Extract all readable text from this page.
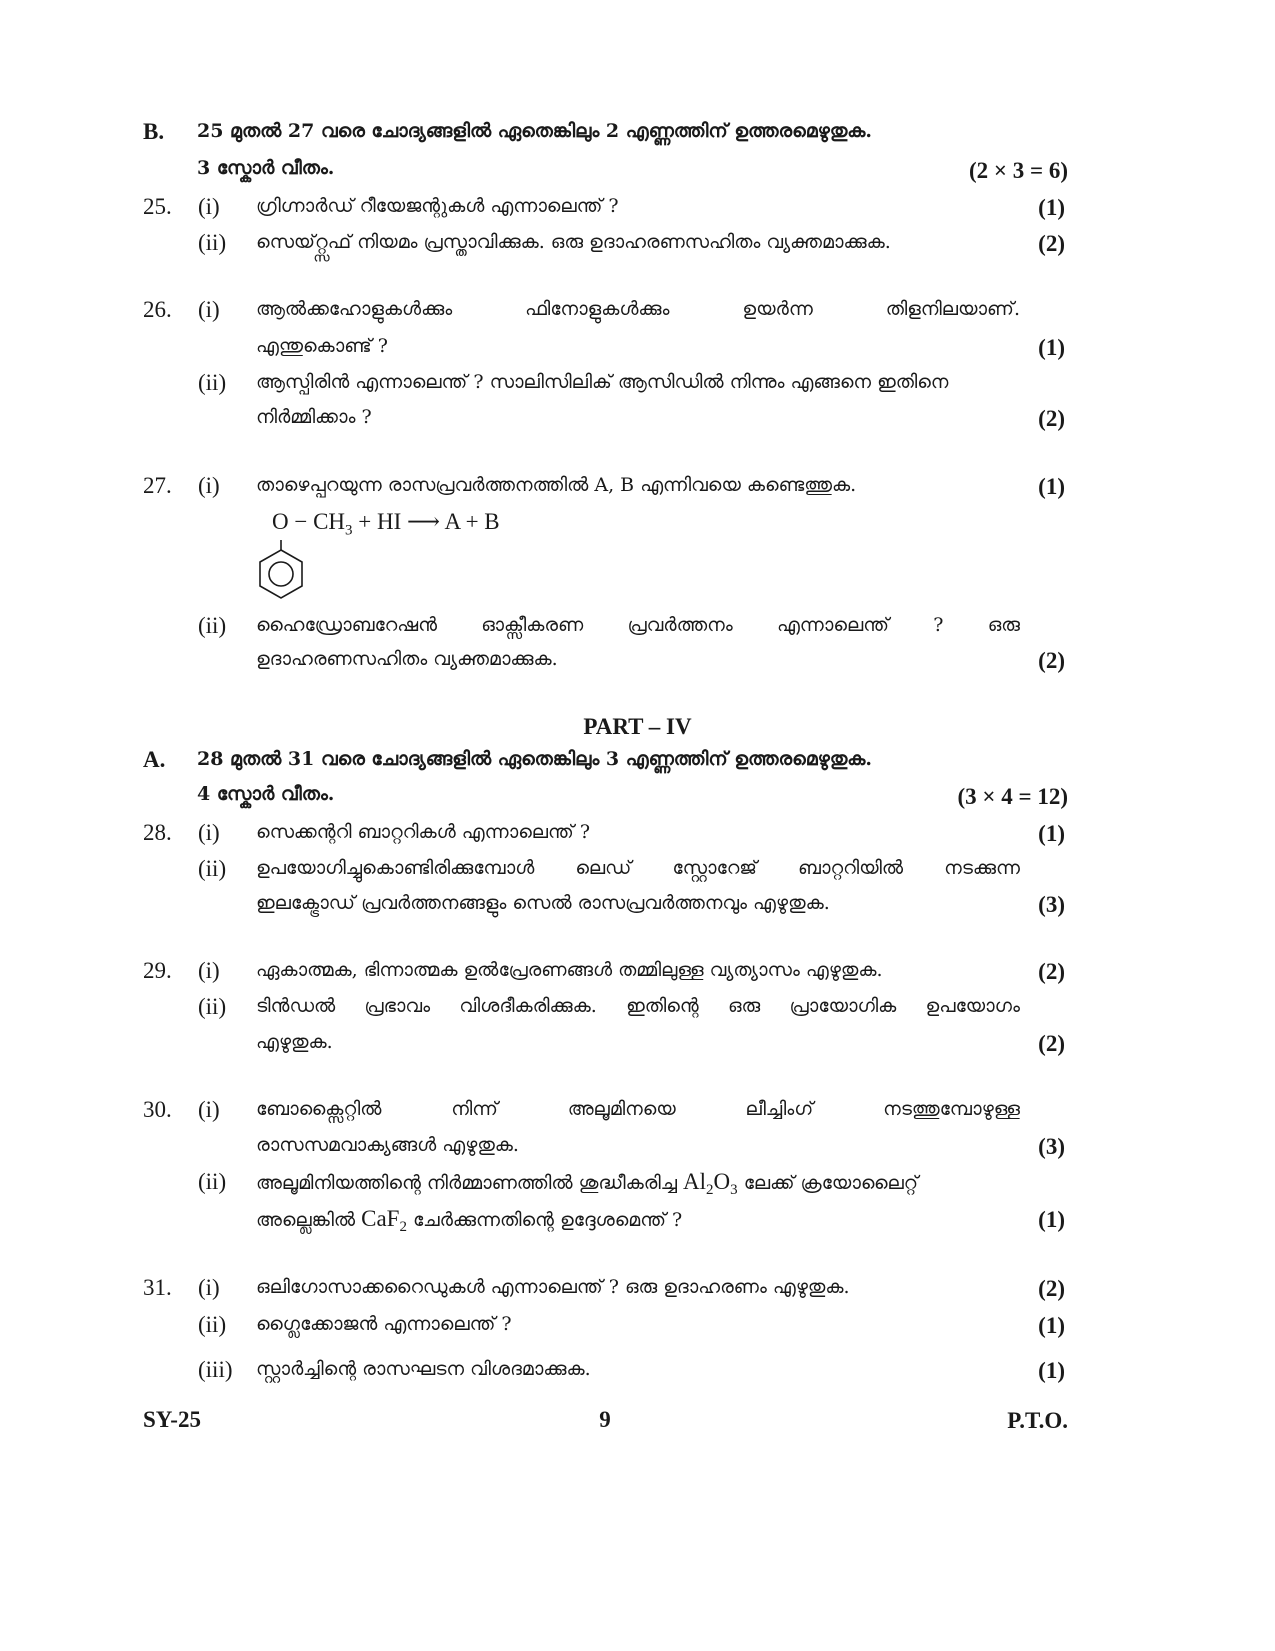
B. 25 മുതൽ 27 വരെ ചോദ്യങ്ങളിൽ ഏതെങ്കിലും 2 എണ്ണത്തിന് ഉത്തരമെഴുതുക.
3 സ്കോർ വീതം.	(2 × 3 = 6)
25. (i) ഗ്രിഗ്നാർഡ് റീയേജന്റുകൾ എന്നാലെന്ത് ?	(1)
(ii) സെയ്റ്റ്സഫ് നിയമം പ്രസ്താവിക്കുക. ഒരു ഉദാഹരണസഹിതം വ്യക്തമാക്കുക.	(2)
26. (i) ആൽക്കഹോളുകൾക്കും	ഫിനോളുകൾക്കും	ഉയർന്ന	തിളനിലയാണ്.
എന്തുകൊണ്ട് ?	(1)
(ii) ആസ്പിരിൻ എന്നാലെന്ത് ? സാലിസിലിക് ആസിഡിൽ നിന്നും എങ്ങനെ ഇതിനെ
നിർമ്മിക്കാം ?	(2)
27. (i) താഴെപ്പറയുന്ന രാസപ്രവർത്തനത്തിൽ A, B എന്നിവയെ കണ്ടെത്തുക.	(1)
$O - CH_3$ + HI ⟶ A + B
(ii) ഹൈഡ്രോബറേഷൻ ഓക്സീകരണ പ്രവർത്തനം എന്നാലെന്ത് ? ഒരു
ഉദാഹരണസഹിതം വ്യക്തമാക്കുക.	(2)
PART – IV
A. 28 മുതൽ 31 വരെ ചോദ്യങ്ങളിൽ ഏതെങ്കിലും 3 എണ്ണത്തിന് ഉത്തരമെഴുതുക.
4 സ്കോർ വീതം.	(3 × 4 = 12)
28. (i) സെക്കന്ററി ബാറ്ററികൾ എന്നാലെന്ത് ?	(1)
(ii) ഉപയോഗിച്ചുകൊണ്ടിരിക്കുമ്പോൾ ലെഡ് സ്റ്റോറേജ് ബാറ്ററിയിൽ നടക്കുന്ന
ഇലക്ട്രോഡ് പ്രവർത്തനങ്ങളും സെൽ രാസപ്രവർത്തനവും എഴുതുക.	(3)
29. (i) ഏകാത്മക, ഭിന്നാത്മക ഉൽപ്രേരണങ്ങൾ തമ്മിലുള്ള വ്യത്യാസം എഴുതുക.	(2)
(ii) ടിൻഡൽ പ്രഭാവം വിശദീകരിക്കുക. ഇതിന്റെ ഒരു പ്രായോഗിക ഉപയോഗം
എഴുതുക.	(2)
30. (i) ബോക്സൈറ്റിൽ	നിന്ന്	അലൂമിനയെ	ലീച്ചിംഗ്	നടത്തുമ്പോഴുള്ള
രാസസമവാക്യങ്ങൾ എഴുതുക.	(3)
(ii) അലൂമിനിയത്തിന്റെ നിർമ്മാണത്തിൽ ശുദ്ധീകരിച്ച $Al_2O_3$ ലേക്ക് ക്രയോലൈറ്റ്
അല്ലെങ്കിൽ CaF$_2$ ചേർക്കുന്നതിന്റെ ഉദ്ദേശമെന്ത് ?	(1)
31. (i) ഒലിഗോസാക്കറൈഡുകൾ എന്നാലെന്ത് ? ഒരു ഉദാഹരണം എഴുതുക.	(2)
(ii) ഗ്ലൈക്കോജൻ എന്നാലെന്ത് ?	(1)
(iii) സ്റ്റാർച്ചിന്റെ രാസഘടന വിശദമാക്കുക.	(1)
SY-25	9	P.T.O.
